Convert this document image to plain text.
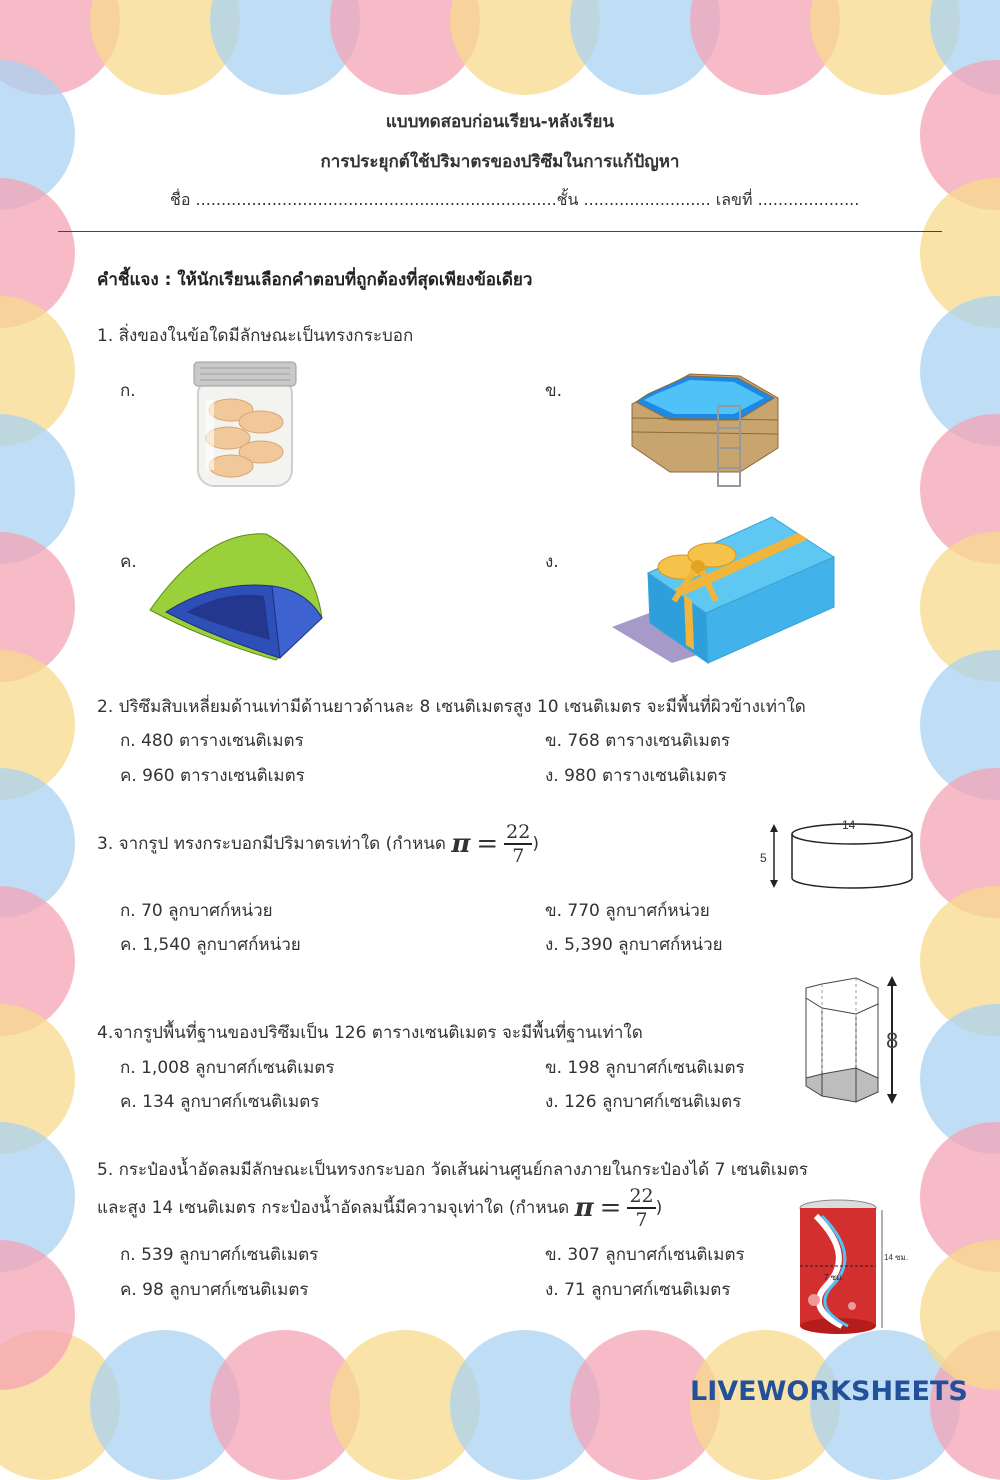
แบบทดสอบก่อนเรียน-หลังเรียน
การประยุกต์ใช้ปริมาตรของปริซึมในการแก้ปัญหา
ชื่อ .......................................................................ชั้น ......................... เลขที่ ....................
คำชี้แจง : ให้นักเรียนเลือกคำตอบที่ถูกต้องที่สุดเพียงข้อเดียว
1. สิ่งของในข้อใดมีลักษณะเป็นทรงกระบอก
ก.	ข.
ค.	ง.
2. ปริซึมสิบเหลี่ยมด้านเท่ามีด้านยาวด้านละ 8 เซนติเมตรสูง 10 เซนติเมตร จะมีพื้นที่ผิวข้างเท่าใด
ก. 480 ตารางเซนติเมตร	ข. 768 ตารางเซนติเมตร
ค. 960 ตารางเซนติเมตร	ง. 980 ตารางเซนติเมตร
3. จากรูป ทรงกระบอกมีปริมาตรเท่าใด (กำหนด $\pi = \frac{22}{7}$ )
5
14
ก. 70 ลูกบาศก์หน่วย	ข. 770 ลูกบาศก์หน่วย
ค. 1,540 ลูกบาศก์หน่วย	ง. 5,390 ลูกบาศก์หน่วย
4.จากรูปพื้นที่ฐานของปริซึมเป็น 126 ตารางเซนติเมตร จะมีพื้นที่ฐานเท่าใด
ก. 1,008 ลูกบาศก์เซนติเมตร	ข. 198 ลูกบาศก์เซนติเมตร
ค. 134 ลูกบาศก์เซนติเมตร	ง. 126 ลูกบาศก์เซนติเมตร
8
5. กระป๋องน้ำอัดลมมีลักษณะเป็นทรงกระบอก วัดเส้นผ่านศูนย์กลางภายในกระป๋องได้ 7 เซนติเมตร
และสูง 14 เซนติเมตร กระป๋องน้ำอัดลมนี้มีความจุเท่าใด (กำหนด $\pi = \frac{22}{7}$ )
ก. 539 ลูกบาศก์เซนติเมตร	ข. 307 ลูกบาศก์เซนติเมตร
ค. 98 ลูกบาศก์เซนติเมตร	ง. 71 ลูกบาศก์เซนติเมตร
14 ซม.
7 ซม.
LIVEWORKSHEETS
